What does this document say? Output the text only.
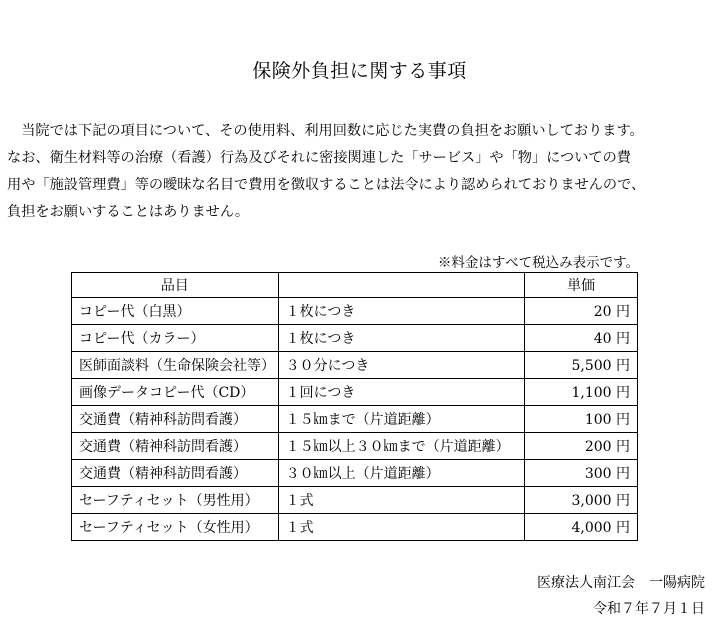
保険外負担に関する事項

　当院では下記の項目について、その使用料、利用回数に応じた実費の負担をお願いしております。

なお、衛生材料等の治療（看護）行為及びそれに密接関連した「サービス」や「物」についての費

用や「施設管理費」等の曖昧な名目で費用を徴収することは法令により認められておりませんので、

負担をお願いすることはありません。

※料金はすべて税込み表示です。
品目		単価
コピー代（白黒）	１枚につき	20 円
コピー代（カラー）	１枚につき	40 円
医師面談料（生命保険会社等）	３０分につき	5,500 円
画像データコピー代（CD）	１回につき	1,100 円
交通費（精神科訪問看護）	１５㎞まで（片道距離）	100 円
交通費（精神科訪問看護）	１５㎞以上３０㎞まで（片道距離）	200 円
交通費（精神科訪問看護）	３０㎞以上（片道距離）	300 円
セーフティセット（男性用）	１式	3,000 円
セーフティセット（女性用）	１式	4,000 円
医療法人南江会　一陽病院
令和７年７月１日
